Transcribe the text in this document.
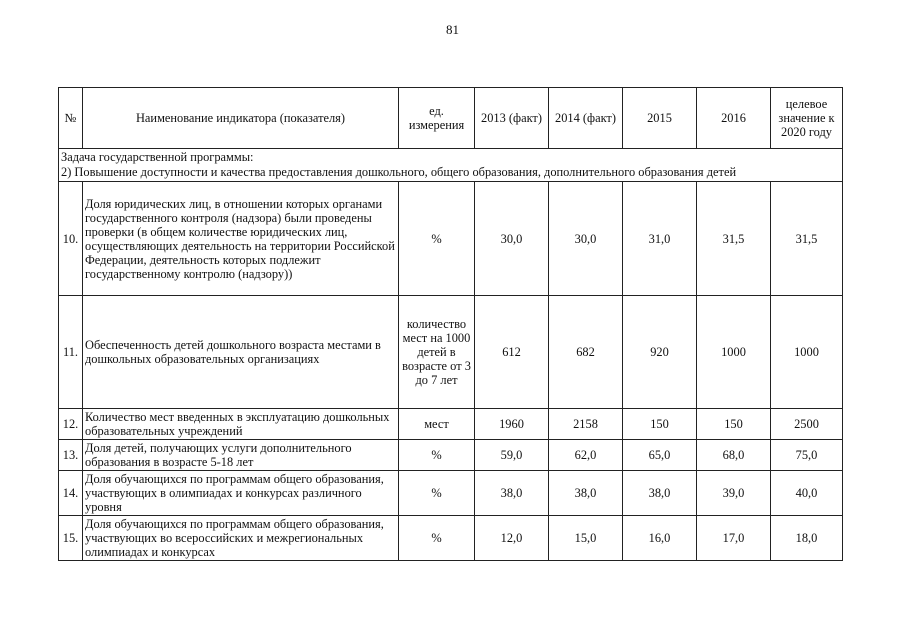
81
№	Наименование индикатора (показателя)	ед. измерения	2013 (факт)	2014 (факт)	2015	2016	целевое значение к 2020 году

Задача государственной программы:
2) Повышение доступности и качества предоставления дошкольного, общего образования, дополнительного образования детей							

10.	Доля юридических лиц, в отношении которых органами государственного контроля (надзора) были проведены проверки (в общем количестве юридических лиц, осуществляющих деятельность на территории Российской Федерации, деятельность которых подлежит государственному контролю (надзору))	%	30,0	30,0	31,0	31,5	31,5
11.	Обеспеченность детей дошкольного возраста местами в дошкольных образовательных организациях	количество мест на 1000 детей в возрасте от 3 до 7 лет	612	682	920	1000	1000
12.	Количество мест введенных в эксплуатацию дошкольных образовательных учреждений	мест	1960	2158	150	150	2500
13.	Доля детей, получающих услуги дополнительного образования в возрасте 5-18 лет	%	59,0	62,0	65,0	68,0	75,0
14.	Доля обучающихся по программам общего образования, участвующих в олимпиадах и конкурсах различного уровня	%	38,0	38,0	38,0	39,0	40,0
15.	Доля обучающихся по программам общего образования, участвующих во всероссийских и межрегиональных олимпиадах и конкурсах	%	12,0	15,0	16,0	17,0	18,0
